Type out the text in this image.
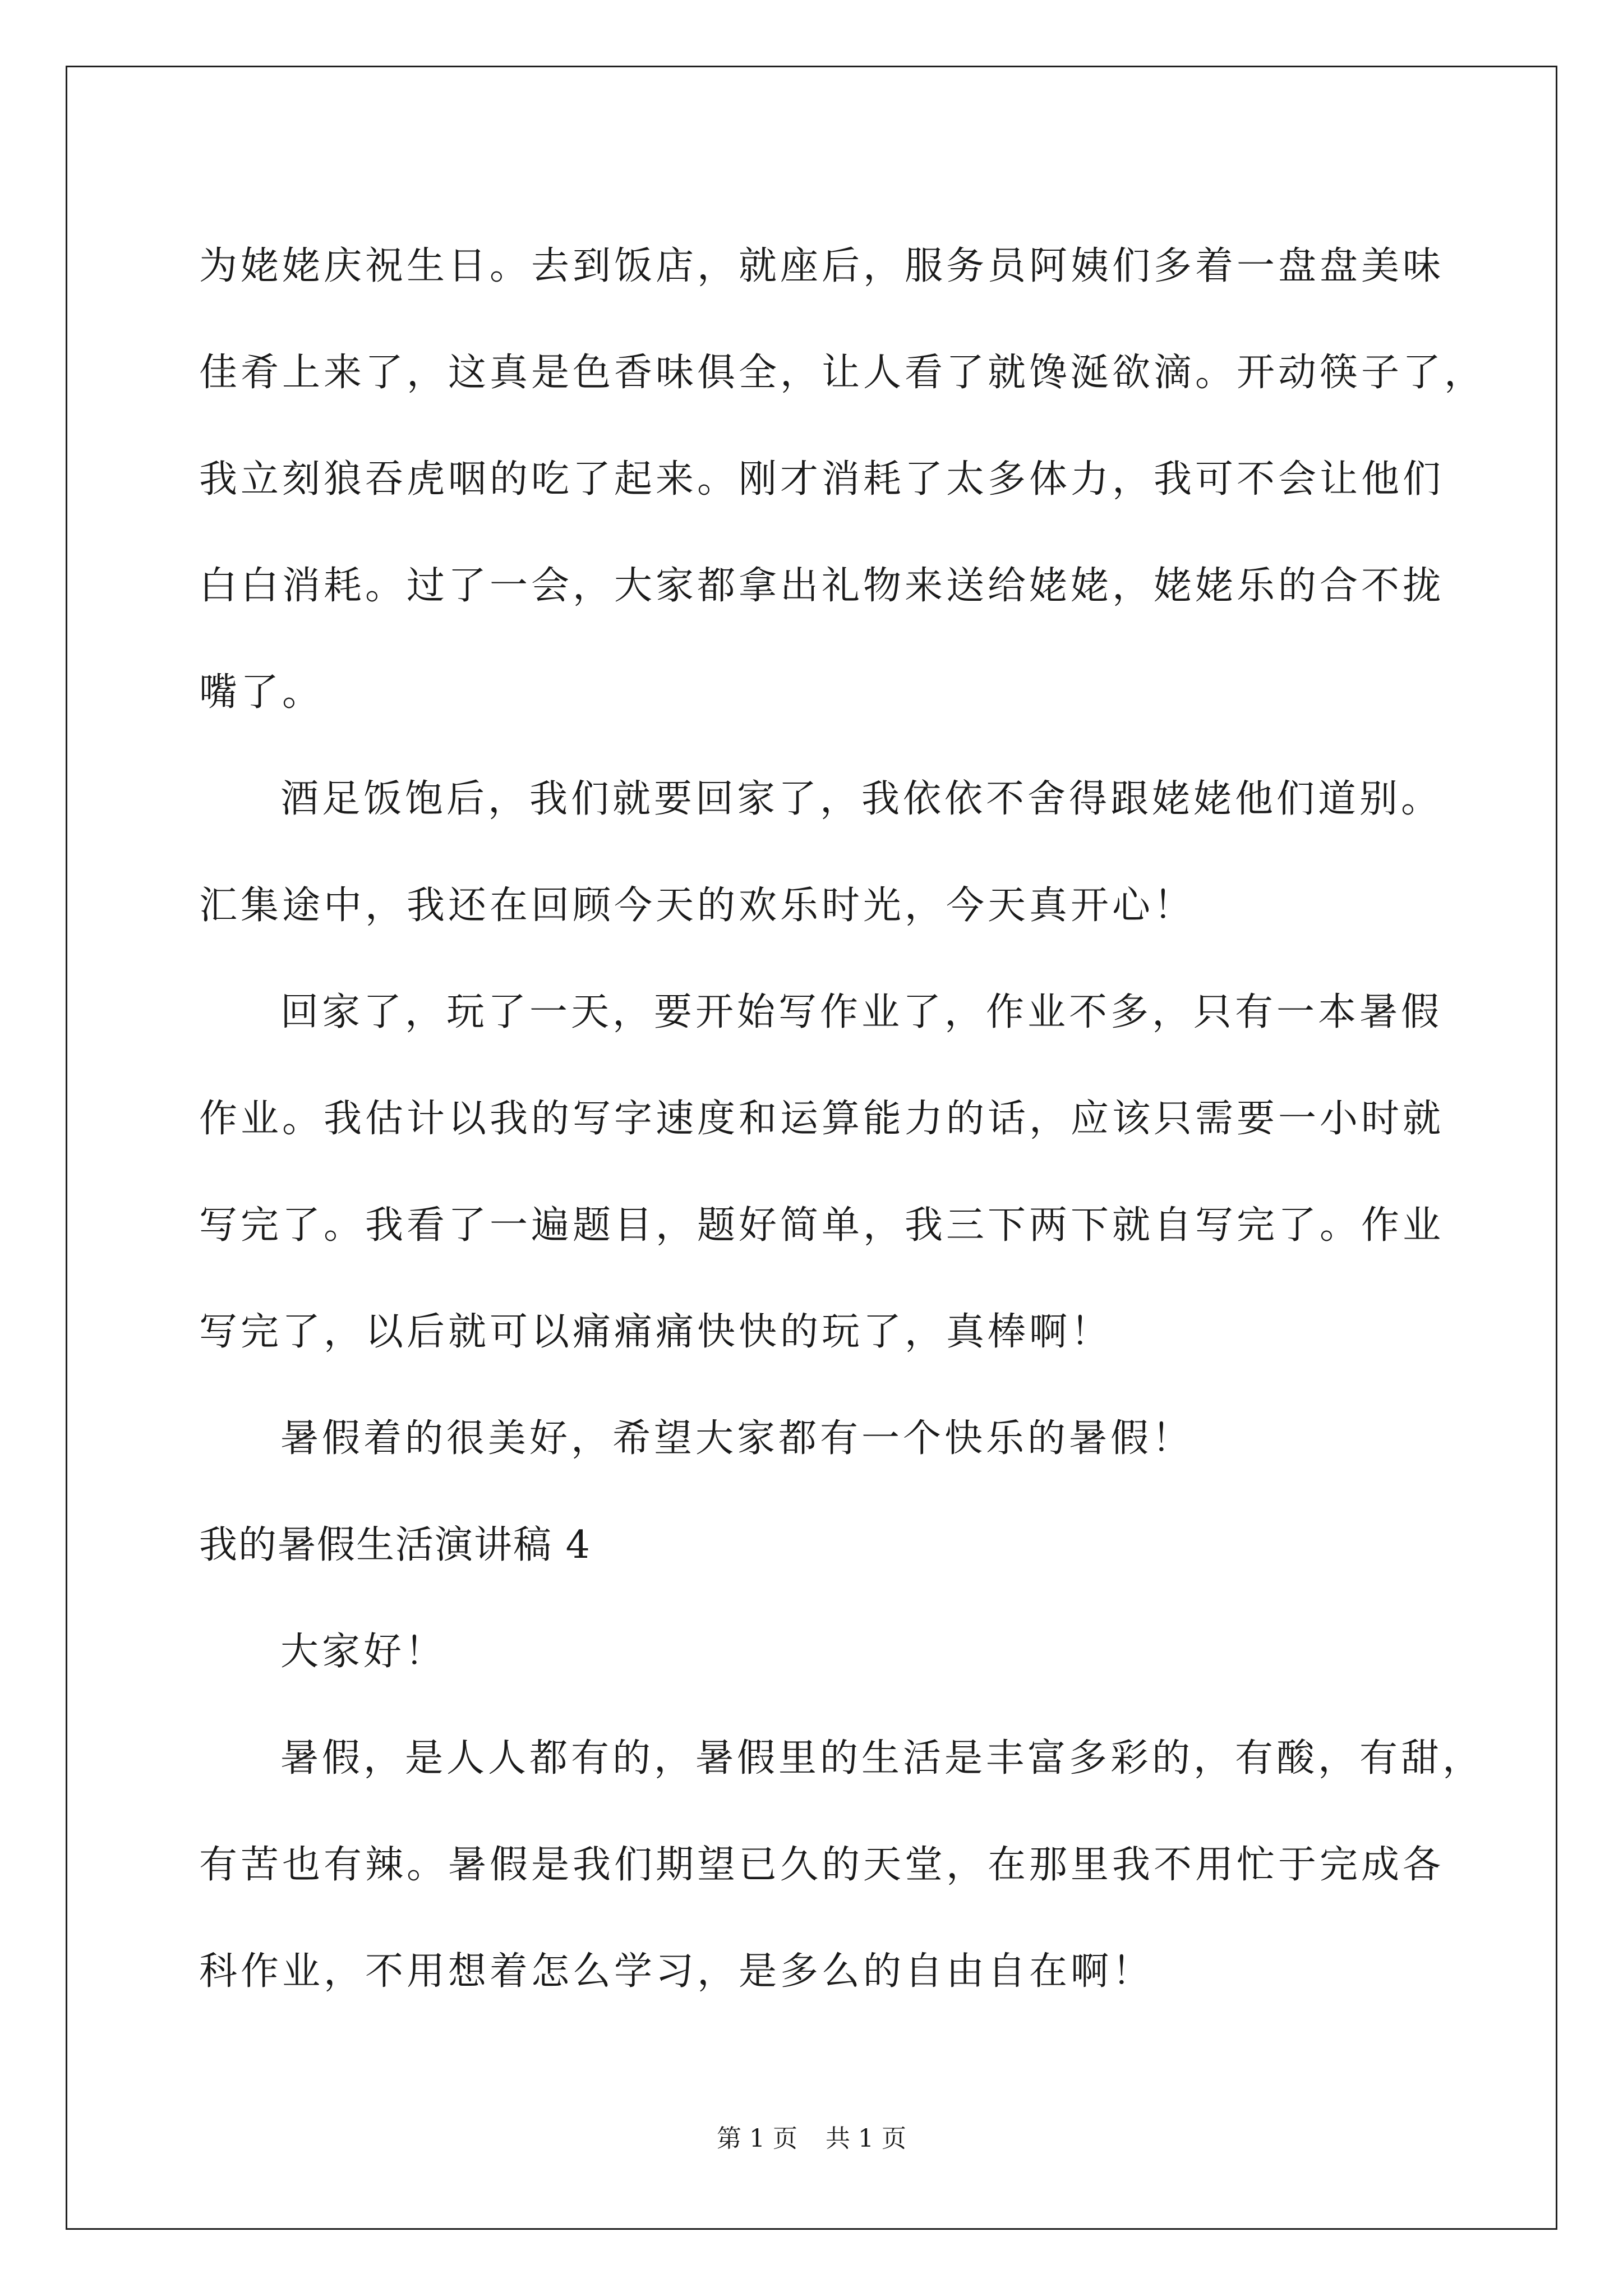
为姥姥庆祝生日。去到饭店，就座后，服务员阿姨们多着一盘盘美味
佳肴上来了，这真是色香味俱全，让人看了就馋涎欲滴。开动筷子了，
我立刻狼吞虎咽的吃了起来。刚才消耗了太多体力，我可不会让他们
白白消耗。过了一会，大家都拿出礼物来送给姥姥，姥姥乐的合不拢
嘴了。
酒足饭饱后，我们就要回家了，我依依不舍得跟姥姥他们道别。
汇集途中，我还在回顾今天的欢乐时光，今天真开心！
回家了，玩了一天，要开始写作业了，作业不多，只有一本暑假
作业。我估计以我的写字速度和运算能力的话，应该只需要一小时就
写完了。我看了一遍题目，题好简单，我三下两下就自写完了。作业
写完了，以后就可以痛痛痛快快的玩了，真棒啊！
暑假着的很美好，希望大家都有一个快乐的暑假！
我的暑假生活演讲稿 4
大家好！
暑假，是人人都有的，暑假里的生活是丰富多彩的，有酸，有甜，
有苦也有辣。暑假是我们期望已久的天堂，在那里我不用忙于完成各
科作业，不用想着怎么学习，是多么的自由自在啊！
第 1 页 共 1 页
